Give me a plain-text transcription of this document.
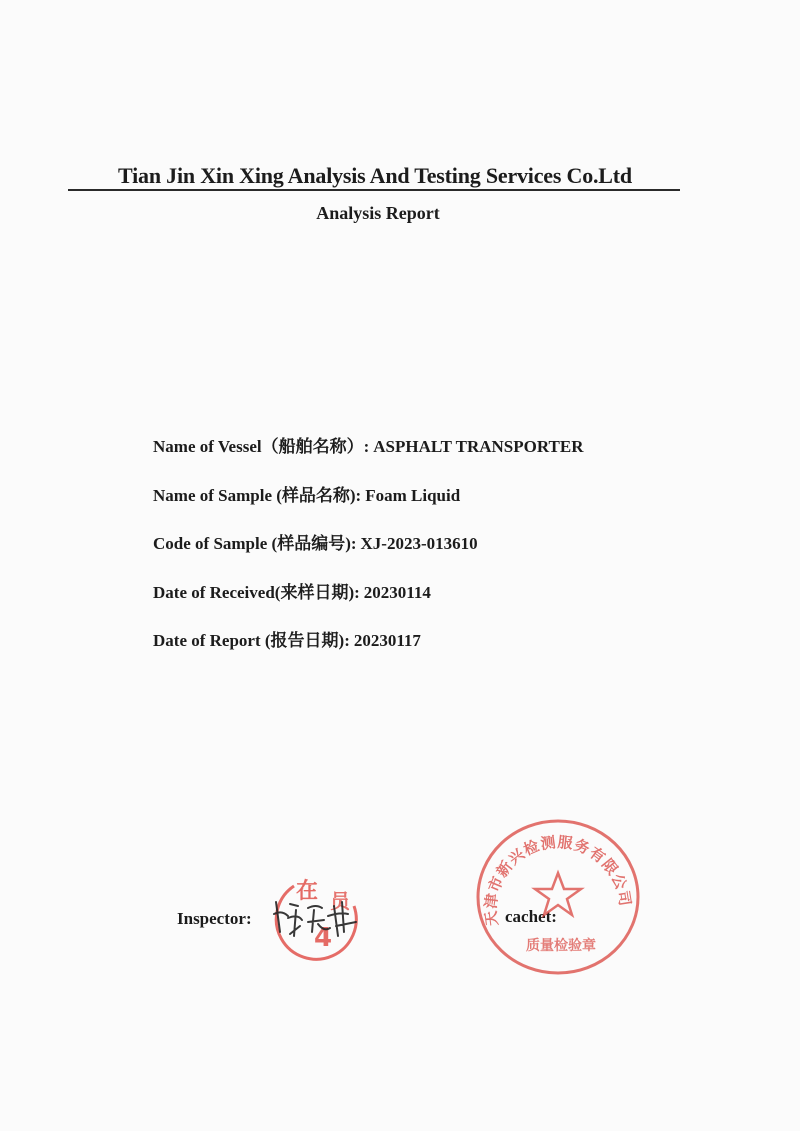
Tian Jin Xin Xing Analysis And Testing Services Co.Ltd
Analysis Report
Name of Vessel（船舶名称）: ASPHALT TRANSPORTER
Name of Sample (样品名称): Foam Liquid
Code of Sample (样品编号): XJ-2023-013610
Date of Received(来样日期): 20230114
Date of Report (报告日期): 20230117
Inspector:	cachet:
在 员
4
天津市新兴检测服务有限公司
质量检验章
